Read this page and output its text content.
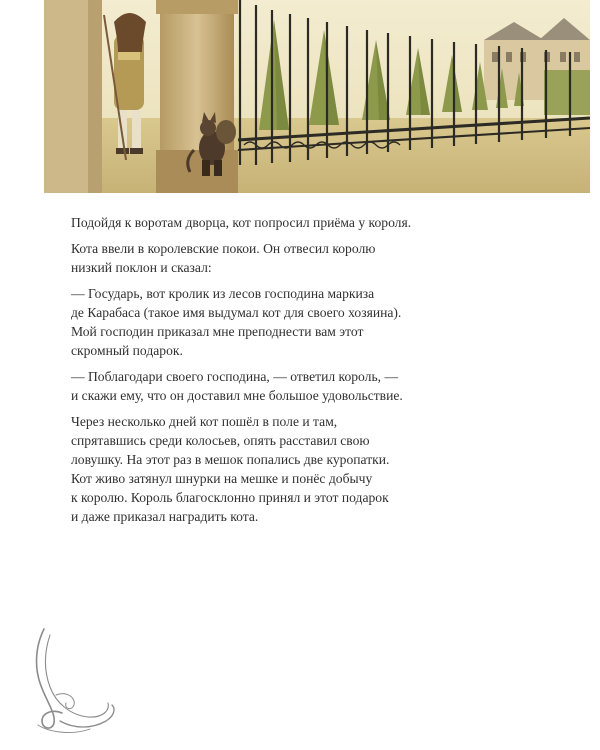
Подойдя к воротам дворца, кот попросил приёма у короля.

Кота ввели в королевские покои. Он отвесил королю
низкий поклон и сказал:

— Государь, вот кролик из лесов господина маркиза
де Карабаса (такое имя выдумал кот для своего хозяина).
Мой господин приказал мне преподнести вам этот
скромный подарок.

— Поблагодари своего господина, — ответил король, —
и скажи ему, что он доставил мне большое удовольствие.

Через несколько дней кот пошёл в поле и там,
спрятавшись среди колосьев, опять расставил свою
ловушку. На этот раз в мешок попались две куропатки.
Кот живо затянул шнурки на мешке и понёс добычу
к королю. Король благосклонно принял и этот подарок
и даже приказал наградить кота.
